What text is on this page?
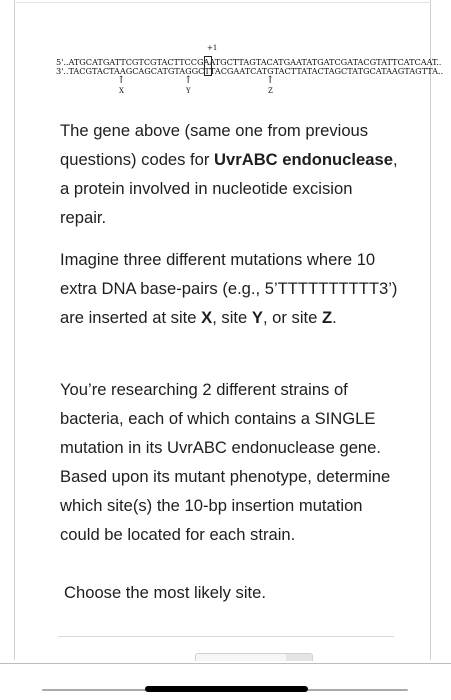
+1
5'..ATGCATGATTCGTCGTACTTCCGAATGCTTAGTACATGAATATGATCGATACGTATTCATCAAT..
3'..TACGTACTAAGCAGCATGTAGGCTTACGAATCATGTACTTATACTAGCTATGCATAAGTAGTTA..
↑
X
↑
Y
↑
Z
The gene above (same one from previous questions) codes for UvrABC endonuclease, a protein involved in nucleotide excision repair.
Imagine three different mutations where 10 extra DNA base-pairs (e.g., 5’TTTTTTTTTT3’) are inserted at site X, site Y, or site Z.
You’re researching 2 different strains of bacteria, each of which contains a SINGLE mutation in its UvrABC endonuclease gene. Based upon its mutant phenotype, determine which site(s) the 10-bp insertion mutation could be located for each strain.
Choose the most likely site.
